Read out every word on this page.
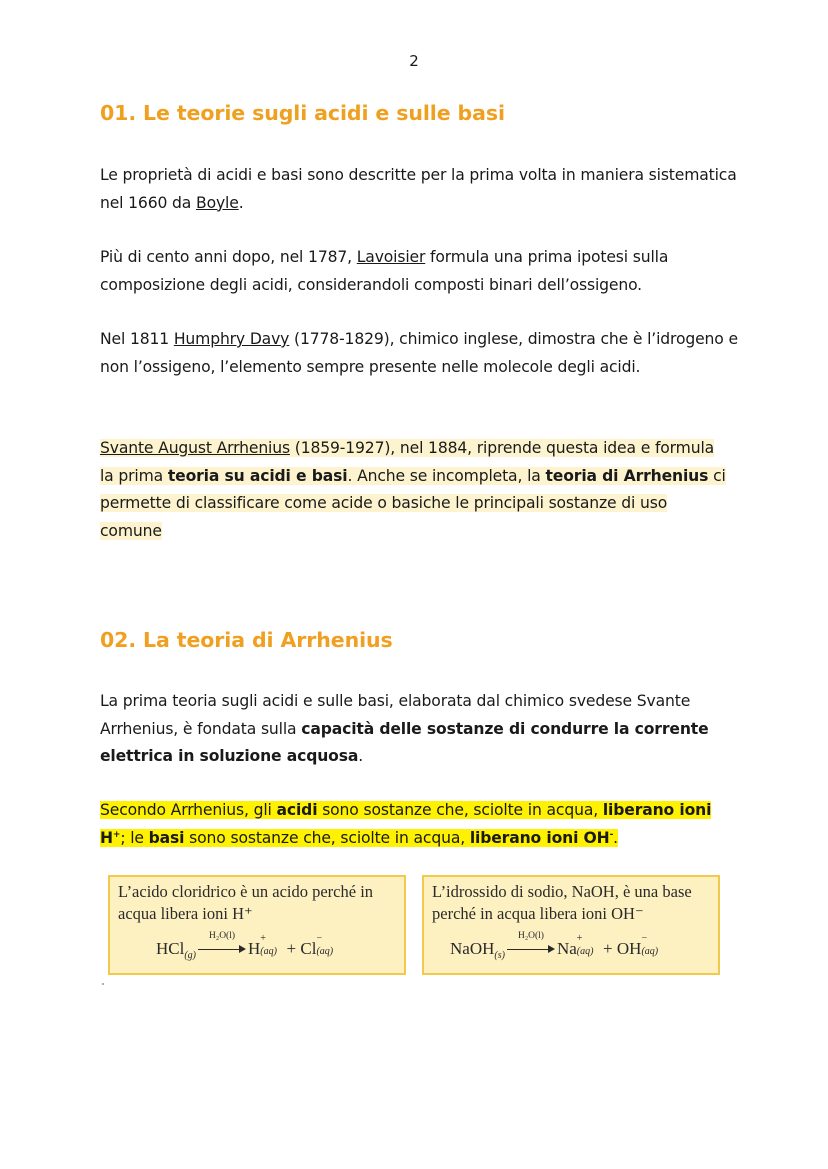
2
01. Le teorie sugli acidi e sulle basi

Le proprietà di acidi e basi sono descritte per la prima volta in maniera sistematica nel 1660 da Boyle.

Più di cento anni dopo, nel 1787, Lavoisier formula una prima ipotesi sulla composizione degli acidi, considerandoli composti binari dell’ossigeno.

Nel 1811 Humphry Davy (1778-1829), chimico inglese, dimostra che è l’idrogeno e non l’ossigeno, l’elemento sempre presente nelle molecole degli acidi.

Svante August Arrhenius (1859-1927), nel 1884, riprende questa idea e formula la prima teoria su acidi e basi. Anche se incompleta, la teoria di Arrhenius ci permette di classificare come acide o basiche le principali sostanze di uso comune

02. La teoria di Arrhenius

La prima teoria sugli acidi e sulle basi, elaborata dal chimico svedese Svante Arrhenius, è fondata sulla capacità delle sostanze di condurre la corrente elettrica in soluzione acquosa.

Secondo Arrhenius, gli acidi sono sostanze che, sciolte in acqua, liberano ioni H+; le basi sono sostanze che, sciolte in acqua, liberano ioni OH-.

L’acido cloridrico è un acido perché in acqua libera ioni H⁺
HCl$_{(g)}$
H₂O(l)
H
+
(aq) + Cl
−
(aq)
L’idrossido di sodio, NaOH, è una base perché in acqua libera ioni OH⁻
NaOH$_{(s)}$
H₂O(l)
Na
+
(aq) + OH
−
(aq)
